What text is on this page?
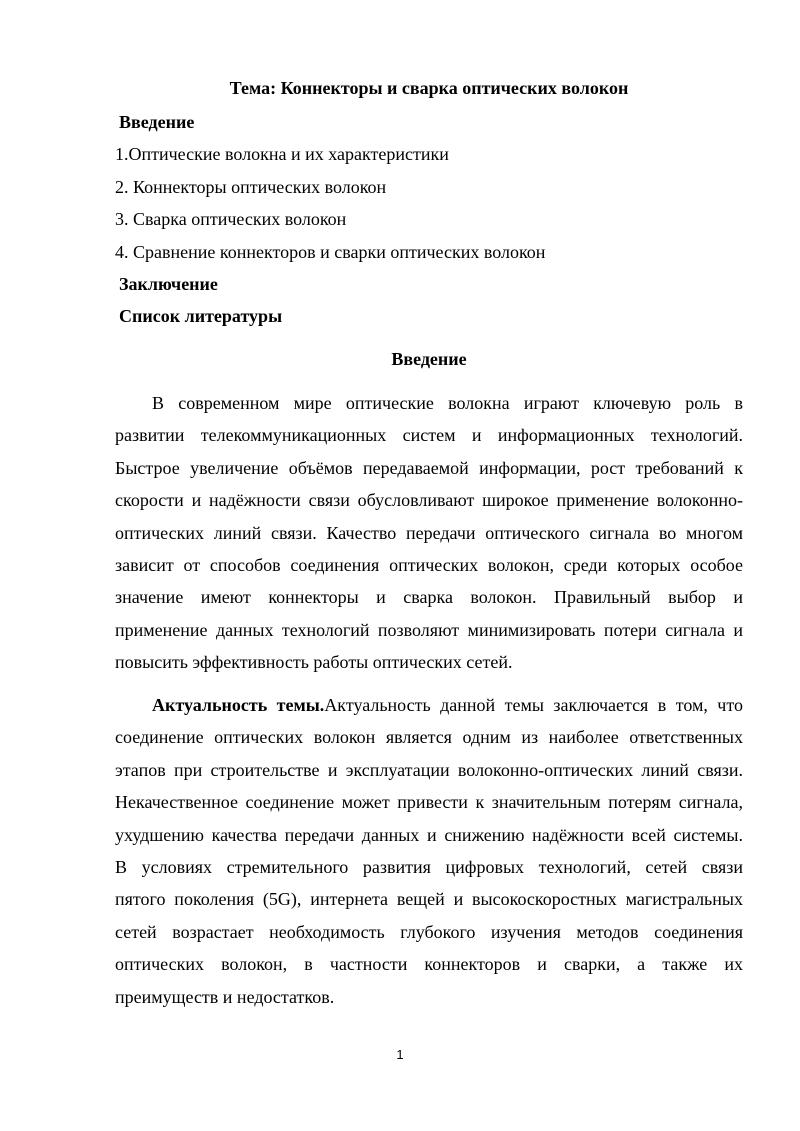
Тема: Коннекторы и сварка оптических волокон
Введение
1.Оптические волокна и их характеристики
2. Коннекторы оптических волокон
3. Сварка оптических волокон
4. Сравнение коннекторов и сварки оптических волокон
Заключение
Список литературы
Введение
В современном мире оптические волокна играют ключевую роль в
развитии телекоммуникационных систем и информационных технологий.
Быстрое увеличение объёмов передаваемой информации, рост требований к
скорости и надёжности связи обусловливают широкое применение волоконно-
оптических линий связи. Качество передачи оптического сигнала во многом
зависит от способов соединения оптических волокон, среди которых особое
значение имеют коннекторы и сварка волокон. Правильный выбор и
применение данных технологий позволяют минимизировать потери сигнала и
повысить эффективность работы оптических сетей.
Актуальность темы.Актуальность данной темы заключается в том, что
соединение оптических волокон является одним из наиболее ответственных
этапов при строительстве и эксплуатации волоконно-оптических линий связи.
Некачественное соединение может привести к значительным потерям сигнала,
ухудшению качества передачи данных и снижению надёжности всей системы.
В условиях стремительного развития цифровых технологий, сетей связи
пятого поколения (5G), интернета вещей и высокоскоростных магистральных
сетей возрастает необходимость глубокого изучения методов соединения
оптических волокон, в частности коннекторов и сварки, а также их
преимуществ и недостатков.
1
